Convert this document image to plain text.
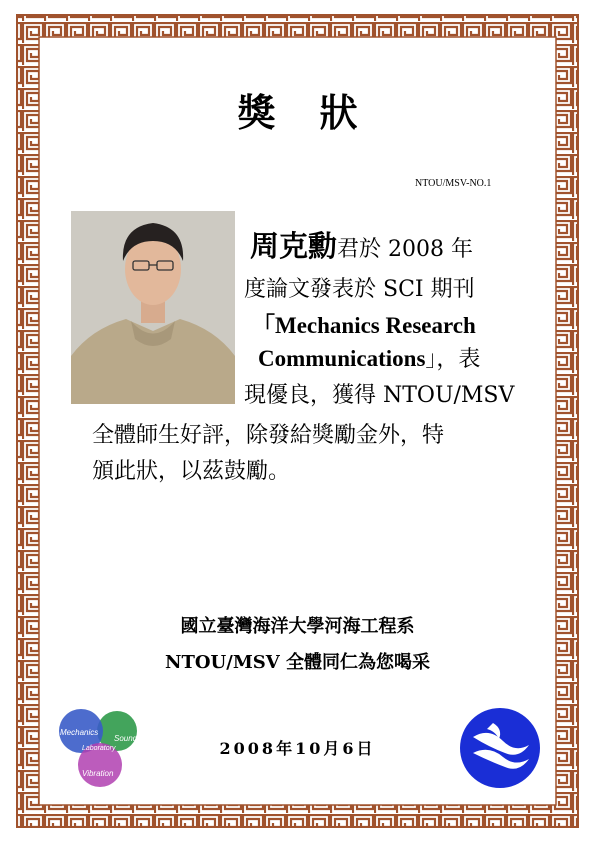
獎狀
NTOU/MSV-NO.1
周克勳君於 2008 年
度論文發表於 SCI 期刊
「Mechanics Research
Communications」，表
現優良，獲得 NTOU/MSV
全體師生好評，除發給獎勵金外，特
頒此狀，以茲鼓勵。
國立臺灣海洋大學河海工程系
NTOU/MSV 全體同仁為您喝采
2008年10月6日
Mechanics
Sound
Laboratory
Vibration
